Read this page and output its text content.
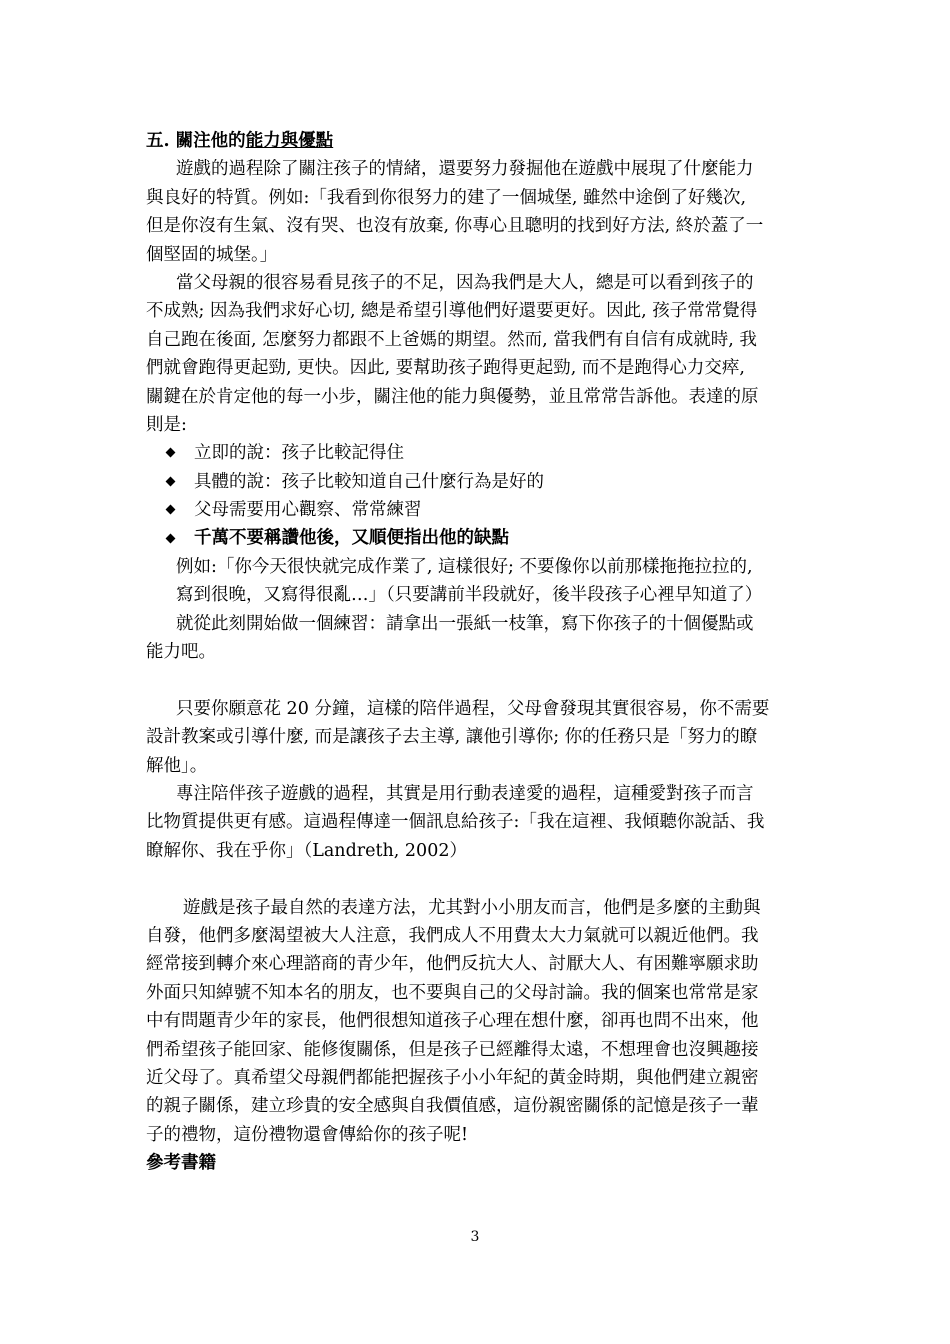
五. 關注他的能力與優點
遊戲的過程除了關注孩子的情緒，還要努力發掘他在遊戲中展現了什麼能力
與良好的特質。例如:「我看到你很努力的建了一個城堡, 雖然中途倒了好幾次,
但是你沒有生氣、沒有哭、也沒有放棄, 你專心且聰明的找到好方法, 終於蓋了一
個堅固的城堡。」
當父母親的很容易看見孩子的不足，因為我們是大人，總是可以看到孩子的
不成熟; 因為我們求好心切, 總是希望引導他們好還要更好。因此, 孩子常常覺得
自己跑在後面, 怎麼努力都跟不上爸媽的期望。然而, 當我們有自信有成就時, 我
們就會跑得更起勁, 更快。因此, 要幫助孩子跑得更起勁, 而不是跑得心力交瘁,
關鍵在於肯定他的每一小步，關注他的能力與優勢，並且常常告訴他。表達的原
則是:
立即的說：孩子比較記得住
具體的說：孩子比較知道自己什麼行為是好的
父母需要用心觀察、常常練習
千萬不要稱讚他後，又順便指出他的缺點
例如:「你今天很快就完成作業了, 這樣很好; 不要像你以前那樣拖拖拉拉的,
寫到很晚，又寫得很亂…」（只要講前半段就好，後半段孩子心裡早知道了）
就從此刻開始做一個練習：請拿出一張紙一枝筆，寫下你孩子的十個優點或
能力吧。
只要你願意花 20 分鐘，這樣的陪伴過程，父母會發現其實很容易，你不需要
設計教案或引導什麼, 而是讓孩子去主導, 讓他引導你; 你的任務只是「努力的瞭
解他」。
專注陪伴孩子遊戲的過程，其實是用行動表達愛的過程，這種愛對孩子而言
比物質提供更有感。這過程傳達一個訊息給孩子:「我在這裡、我傾聽你說話、我
瞭解你、我在乎你」（Landreth, 2002）
遊戲是孩子最自然的表達方法，尤其對小小朋友而言，他們是多麼的主動與
自發，他們多麼渴望被大人注意，我們成人不用費太大力氣就可以親近他們。我
經常接到轉介來心理諮商的青少年，他們反抗大人、討厭大人、有困難寧願求助
外面只知綽號不知本名的朋友，也不要與自己的父母討論。我的個案也常常是家
中有問題青少年的家長，他們很想知道孩子心理在想什麼，卻再也問不出來，他
們希望孩子能回家、能修復關係，但是孩子已經離得太遠，不想理會也沒興趣接
近父母了。真希望父母親們都能把握孩子小小年紀的黃金時期，與他們建立親密
的親子關係，建立珍貴的安全感與自我價值感，這份親密關係的記憶是孩子一輩
子的禮物，這份禮物還會傳給你的孩子呢!
參考書籍
3
